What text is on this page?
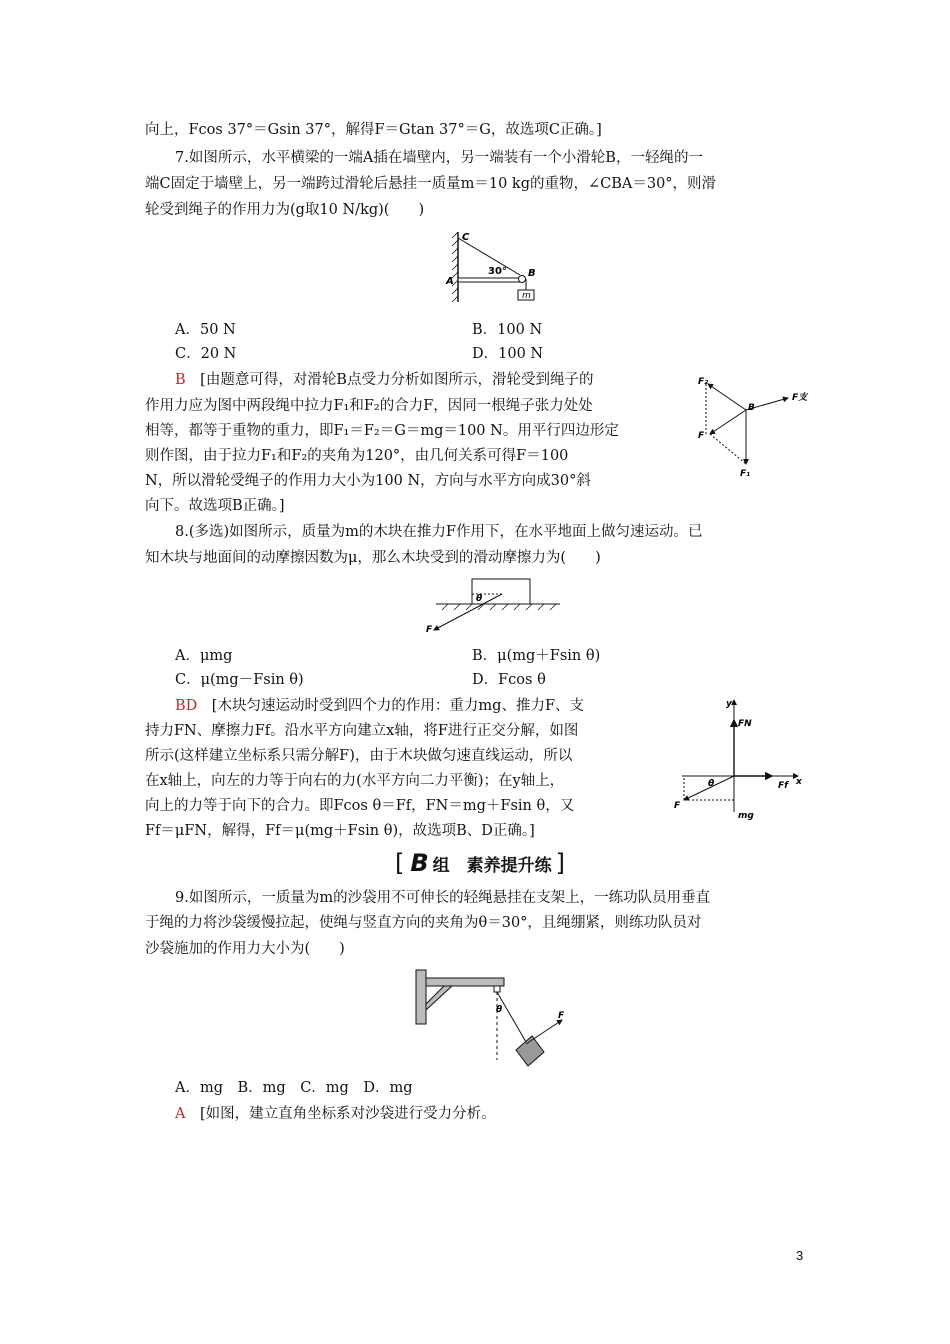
向上，Fcos 37°＝Gsin 37°，解得F＝Gtan 37°＝G，故选项C正确。]
7.如图所示，水平横梁的一端A插在墙壁内，另一端装有一个小滑轮B，一轻绳的一
端C固定于墙壁上，另一端跨过滑轮后悬挂一质量m＝10 kg的重物，∠CBA＝30°，则滑
轮受到绳子的作用力为(g取10 N/kg)(　　)
C
A
B
30°
m
A．50 N	B．100 N
C．20 N	D．100 N
B　 [由题意可得，对滑轮B点受力分析如图所示，滑轮受到绳子的
作用力应为图中两段绳中拉力F₁和F₂的合力F，因同一根绳子张力处处
相等，都等于重物的重力，即F₁＝F₂＝G＝mg＝100 N。用平行四边形定
则作图，由于拉力F₁和F₂的夹角为120°，由几何关系可得F＝100
N，所以滑轮受绳子的作用力大小为100 N，方向与水平方向成30°斜
向下。故选项B正确。]
F₂
F支
B
F
F₁
8.(多选)如图所示，质量为m的木块在推力F作用下，在水平地面上做匀速运动。已
知木块与地面间的动摩擦因数为μ，那么木块受到的滑动摩擦力为(　　)
θ
F
A．μmg	B．μ(mg＋Fsin θ)
C．μ(mg－Fsin θ)	D．Fcos θ
BD　 [木块匀速运动时受到四个力的作用：重力mg、推力F、支
持力FN、摩擦力Ff。沿水平方向建立x轴，将F进行正交分解，如图
所示(这样建立坐标系只需分解F)，由于木块做匀速直线运动，所以
在x轴上，向左的力等于向右的力(水平方向二力平衡)；在y轴上，
向上的力等于向下的合力。即Fcos θ＝Ff，FN＝mg＋Fsin θ，又
Ff＝μFN，解得，Ff＝μ(mg＋Fsin θ)，故选项B、D正确。]
y
FN
θ	x
Ff
F
mg
[ B 组　素养提升练 ]
9.如图所示，一质量为m的沙袋用不可伸长的轻绳悬挂在支架上，一练功队员用垂直
于绳的力将沙袋缓慢拉起，使绳与竖直方向的夹角为θ＝30°，且绳绷紧，则练功队员对
沙袋施加的作用力大小为(　　)
θ
F
A．mg　B．mg　C．mg　D．mg
A　 [如图，建立直角坐标系对沙袋进行受力分析。
3
